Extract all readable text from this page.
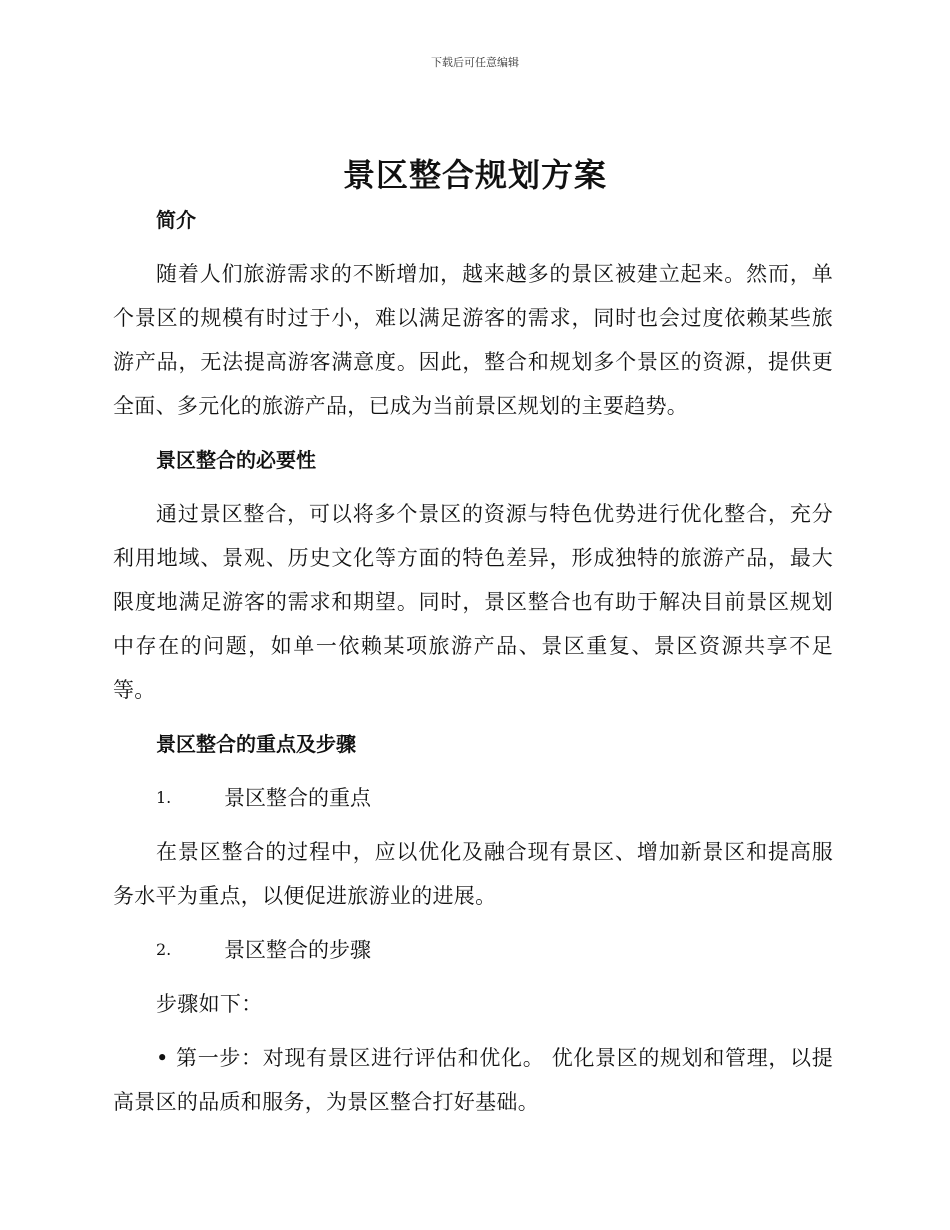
下载后可任意编辑
景区整合规划方案

简介

随着人们旅游需求的不断增加，越来越多的景区被建立起来。然而，单个景区的规模有时过于小，难以满足游客的需求，同时也会过度依赖某些旅游产品，无法提高游客满意度。因此，整合和规划多个景区的资源，提供更全面、多元化的旅游产品，已成为当前景区规划的主要趋势。

景区整合的必要性

通过景区整合，可以将多个景区的资源与特色优势进行优化整合，充分利用地域、景观、历史文化等方面的特色差异，形成独特的旅游产品，最大限度地满足游客的需求和期望。同时，景区整合也有助于解决目前景区规划中存在的问题，如单一依赖某项旅游产品、景区重复、景区资源共享不足等。

景区整合的重点及步骤

1.	景区整合的重点

在景区整合的过程中，应以优化及融合现有景区、增加新景区和提高服务水平为重点，以便促进旅游业的进展。

2.	景区整合的步骤

步骤如下：

• 第一步：对现有景区进行评估和优化。 优化景区的规划和管理，以提高景区的品质和服务，为景区整合打好基础。
